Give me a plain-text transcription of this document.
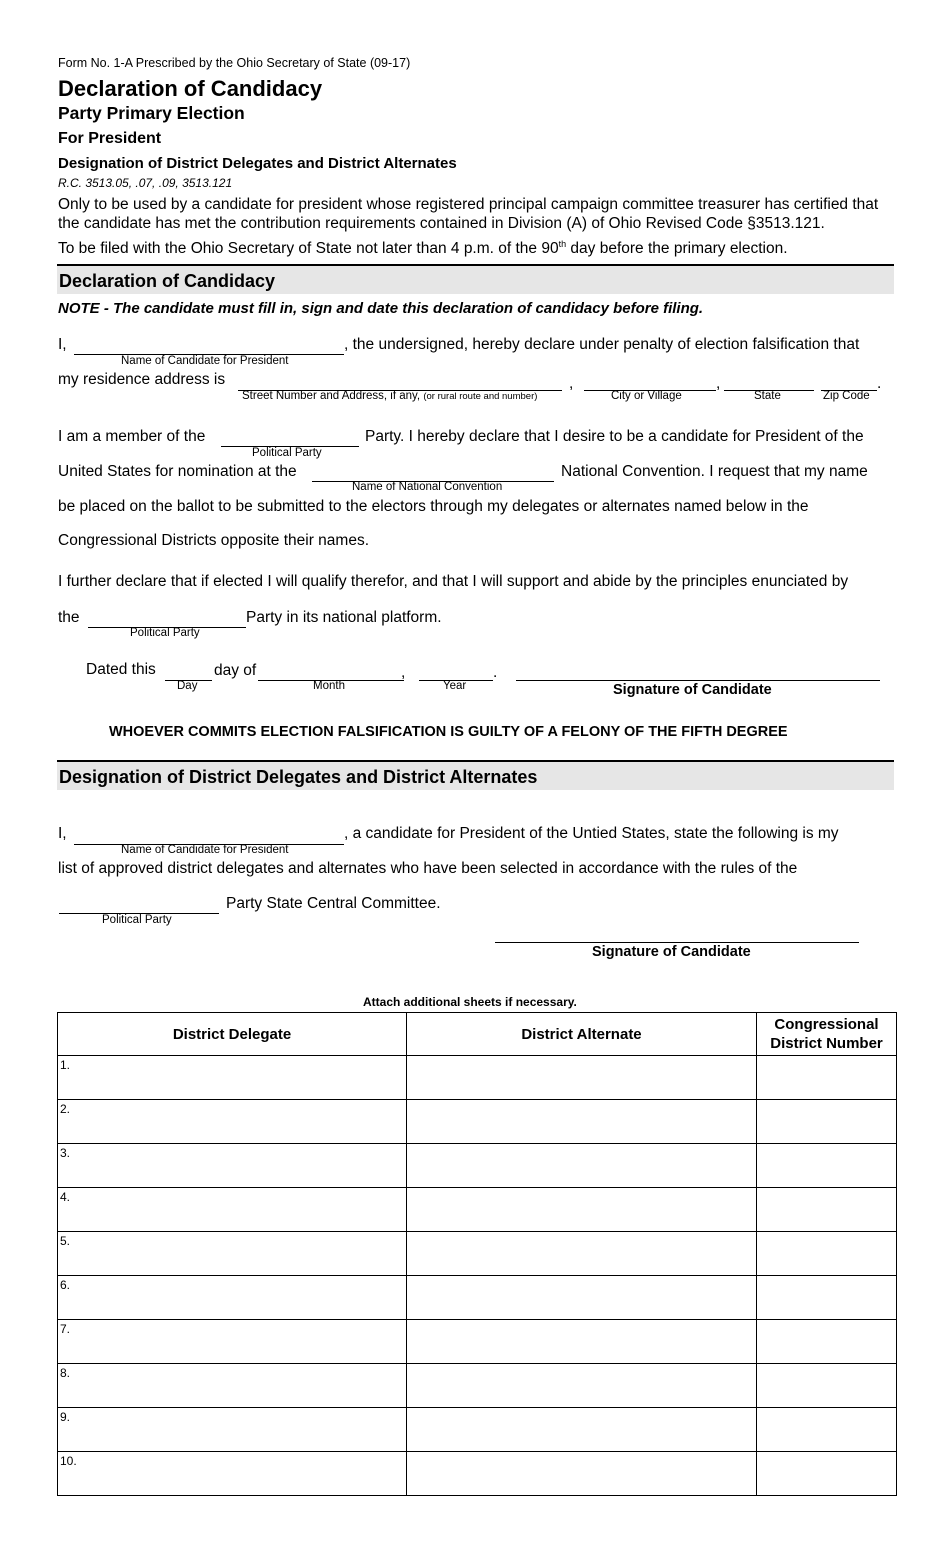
Form No. 1-A Prescribed by the Ohio Secretary of State (09-17)
Declaration of Candidacy
Party Primary Election
For President
Designation of District Delegates and District Alternates
R.C. 3513.05, .07, .09, 3513.121
Only to be used by a candidate for president whose registered principal campaign committee treasurer has certified that
the candidate has met the contribution requirements contained in Division (A) of Ohio Revised Code §3513.121.
To be filed with the Ohio Secretary of State not later than 4 p.m. of the 90th day before the primary election.
Declaration of Candidacy
NOTE - The candidate must fill in, sign and date this declaration of candidacy before filing.
I,	, the undersigned, hereby declare under penalty of election falsification that
Name of Candidate for President
my residence address is	,	,	.
Street Number and Address, if any, (or rural route and number)	City or Village	State	Zip Code
I am a member of the	Party. I hereby declare that I desire to be a candidate for President of the
Political Party
United States for nomination at the	National Convention. I request that my name
Name of National Convention
be placed on the ballot to be submitted to the electors through my delegates or alternates named below in the
Congressional Districts opposite their names.
I further declare that if elected I will qualify therefor, and that I will support and abide by the principles enunciated by
the	Party in its national platform.
Political Party
Dated this	day of	,	.
Day	Month	Year	Signature of Candidate
WHOEVER COMMITS ELECTION FALSIFICATION IS GUILTY OF A FELONY OF THE FIFTH DEGREE
Designation of District Delegates and District Alternates
I,	, a candidate for President of the Untied States, state the following is my
Name of Candidate for President
list of approved district delegates and alternates who have been selected in accordance with the rules of the
Party State Central Committee.
Political Party
Signature of Candidate
Attach additional sheets if necessary.
District Delegate	District Alternate	Congressional
District Number

1.		

2.		

3.		

4.		

5.		

6.		

7.		

8.		

9.		

10.		
